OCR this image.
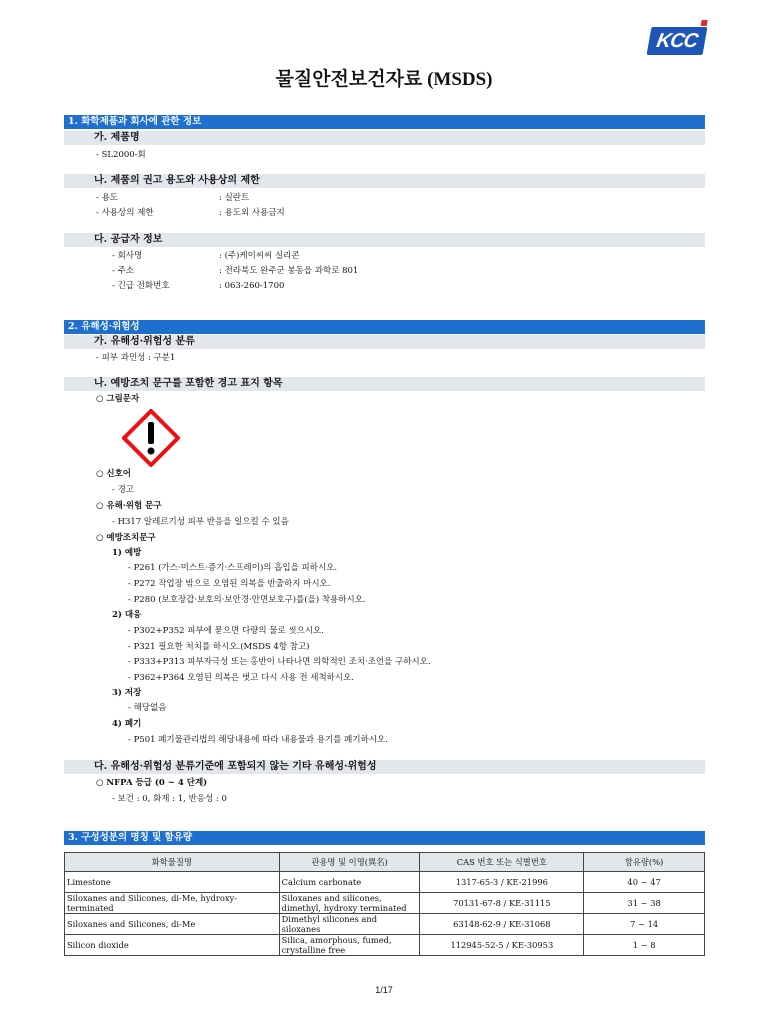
KCC
물질안전보건자료 (MSDS)
1. 화학제품과 회사에 관한 정보
가. 제품명
- SL2000-회
나. 제품의 권고 용도와 사용상의 제한
- 용도	: 실란트
- 사용상의 제한	: 용도외 사용금지
다. 공급자 정보
- 회사명	: (주)케이씨씨 실리콘
- 주소	: 전라북도 완주군 봉동읍 과학로 801
- 긴급 전화번호	: 063-260-1700
2. 유해성·위험성
가. 유해성·위험성 분류
- 피부 과민성 : 구분1
나. 예방조치 문구를 포함한 경고 표지 항목
○ 그림문자
○ 신호어
- 경고
○ 유해·위험 문구
- H317 알레르기성 피부 반응을 일으킬 수 있음
○ 예방조치문구
1) 예방
- P261 (가스·미스트·증기·스프레이)의 흡입을 피하시오.
- P272 작업장 밖으로 오염된 의복을 반출하지 마시오.
- P280 (보호장갑·보호의·보안경·안면보호구)를(을) 착용하시오.
2) 대응
- P302+P352 피부에 묻으면 다량의 물로 씻으시오.
- P321 필요한 처치를 하시오.(MSDS 4항 참고)
- P333+P313 피부자극성 또는 홍반이 나타나면 의학적인 조치·조언을 구하시오.
- P362+P364 오염된 의복은 벗고 다시 사용 전 세척하시오.
3) 저장
- 해당없음
4) 폐기
- P501 폐기물관리법의 해당내용에 따라 내용물과 용기를 폐기하시오.
다. 유해성·위험성 분류기준에 포함되지 않는 기타 유해성·위험성
○ NFPA 등급 (0 ~ 4 단계)
- 보건 : 0, 화재 : 1, 반응성 : 0
3. 구성성분의 명칭 및 함유량
화학물질명	관용명 및 이명(異名)	CAS 번호 또는 식별번호	함유량(%)
Limestone	Calcium carbonate	1317-65-3 / KE-21996	40 ~ 47
Siloxanes and Silicones, di-Me, hydroxy-terminated	Siloxanes and silicones, dimethyl, hydroxy terminated	70131-67-8 / KE-31115	31 ~ 38
Siloxanes and Silicones, di-Me	Dimethyl silicones and siloxanes	63148-62-9 / KE-31068	7 ~ 14
Silicon dioxide	Silica, amorphous, fumed, crystalline free	112945-52-5 / KE-30953	1 ~ 8
1/17
